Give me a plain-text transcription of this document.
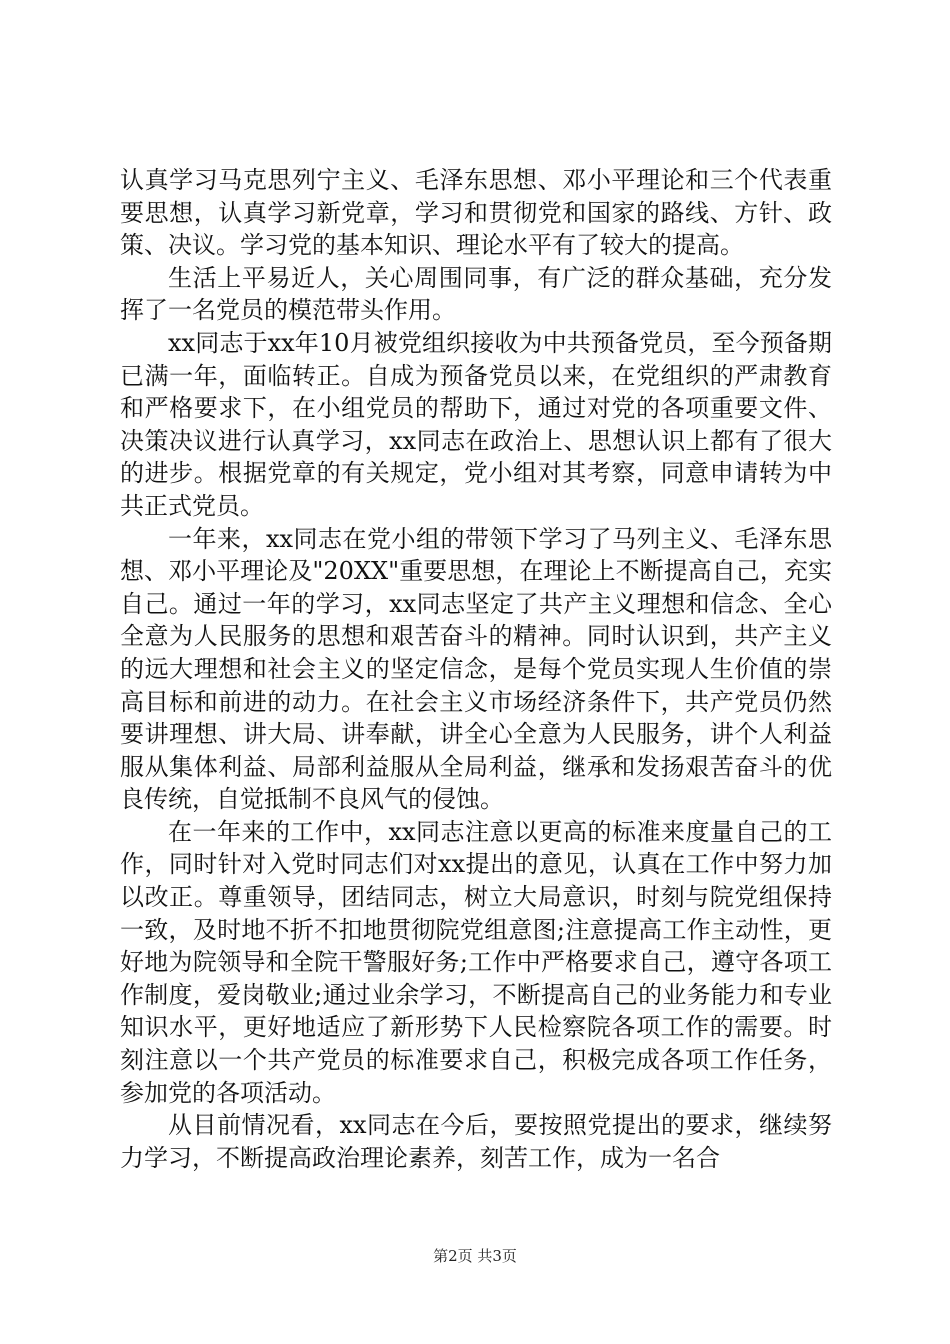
认真学习马克思列宁主义、毛泽东思想、邓小平理论和三个代表重要思想，认真学习新党章，学习和贯彻党和国家的路线、方针、政策、决议。学习党的基本知识、理论水平有了较大的提高。

生活上平易近人，关心周围同事，有广泛的群众基础，充分发挥了一名党员的模范带头作用。

xx同志于xx年10月被党组织接收为中共预备党员，至今预备期已满一年，面临转正。自成为预备党员以来，在党组织的严肃教育和严格要求下，在小组党员的帮助下，通过对党的各项重要文件、决策决议进行认真学习，xx同志在政治上、思想认识上都有了很大的进步。根据党章的有关规定，党小组对其考察，同意申请转为中共正式党员。

一年来，xx同志在党小组的带领下学习了马列主义、毛泽东思想、邓小平理论及"20XX"重要思想，在理论上不断提高自己，充实自己。通过一年的学习，xx同志坚定了共产主义理想和信念、全心全意为人民服务的思想和艰苦奋斗的精神。同时认识到，共产主义的远大理想和社会主义的坚定信念，是每个党员实现人生价值的崇高目标和前进的动力。在社会主义市场经济条件下，共产党员仍然要讲理想、讲大局、讲奉献，讲全心全意为人民服务，讲个人利益服从集体利益、局部利益服从全局利益，继承和发扬艰苦奋斗的优良传统，自觉抵制不良风气的侵蚀。

在一年来的工作中，xx同志注意以更高的标准来度量自己的工作，同时针对入党时同志们对xx提出的意见，认真在工作中努力加以改正。尊重领导，团结同志，树立大局意识，时刻与院党组保持一致，及时地不折不扣地贯彻院党组意图;注意提高工作主动性，更好地为院领导和全院干警服好务;工作中严格要求自己，遵守各项工作制度，爱岗敬业;通过业余学习，不断提高自己的业务能力和专业知识水平，更好地适应了新形势下人民检察院各项工作的需要。时刻注意以一个共产党员的标准要求自己，积极完成各项工作任务，参加党的各项活动。

从目前情况看，xx同志在今后，要按照党提出的要求，继续努力学习，不断提高政治理论素养，刻苦工作，成为一名合

第2页 共3页
